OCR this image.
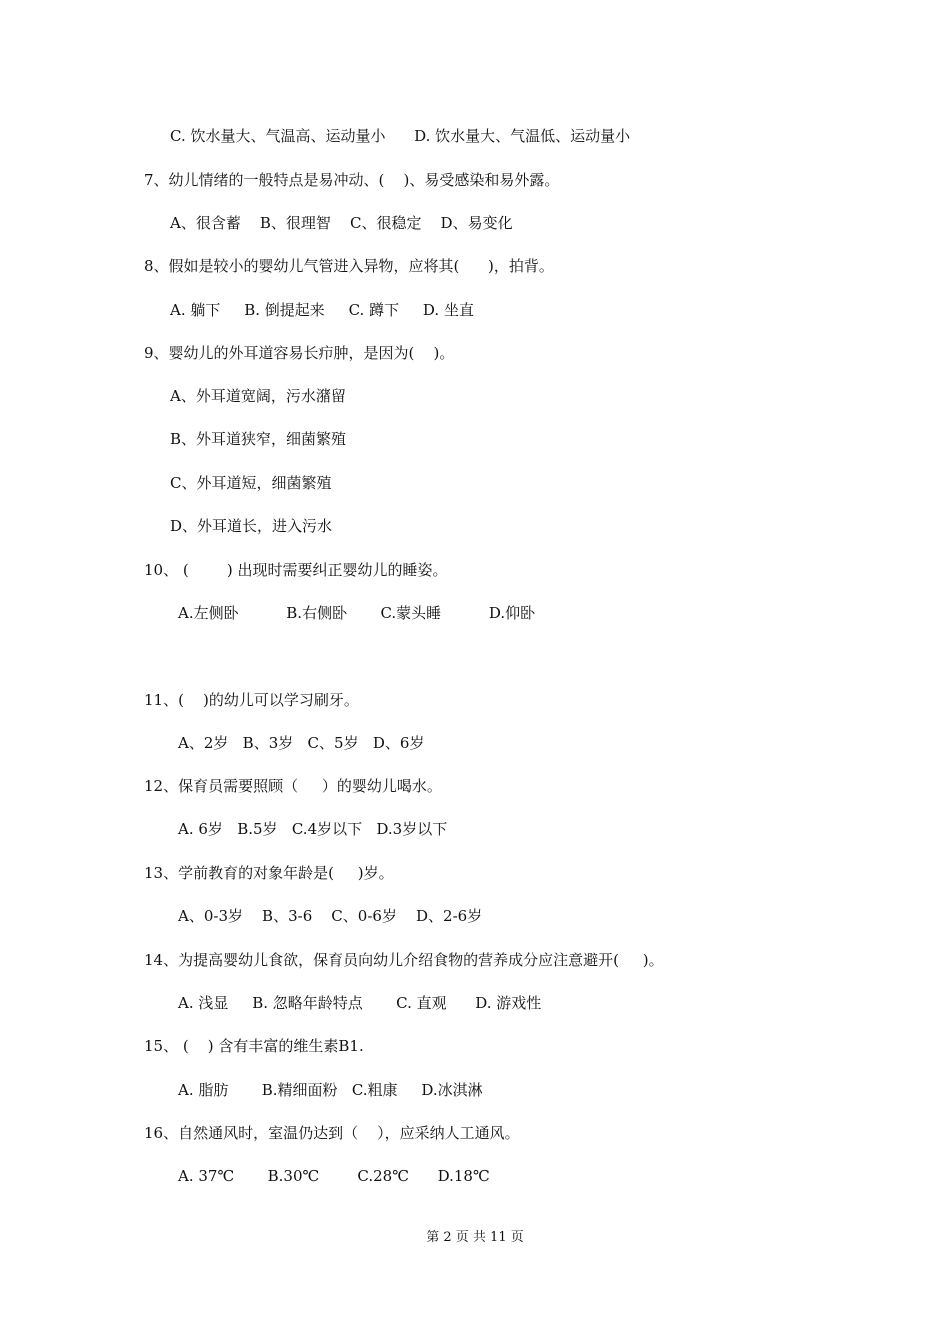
C. 饮水量大、气温高、运动量小      D. 饮水量大、气温低、运动量小
7、幼儿情绪的一般特点是易冲动、(    )、易受感染和易外露。
A、很含蓄    B、很理智    C、很稳定    D、易变化
8、假如是较小的婴幼儿气管进入异物，应将其(      )，拍背。
A. 躺下     B. 倒提起来     C. 蹲下     D. 坐直
9、婴幼儿的外耳道容易长疖肿，是因为(    )。
A、外耳道宽阔，污水潴留
B、外耳道狭窄，细菌繁殖
C、外耳道短，细菌繁殖
D、外耳道长，进入污水
10、 (        ) 出现时需要纠正婴幼儿的睡姿。
A.左侧卧          B.右侧卧       C.蒙头睡          D.仰卧
11、(    )的幼儿可以学习刷牙。
A、2岁   B、3岁   C、5岁   D、6岁
12、保育员需要照顾（     ）的婴幼儿喝水。
A. 6岁   B.5岁   C.4岁以下   D.3岁以下
13、学前教育的对象年龄是(     )岁。
A、0-3岁    B、3-6    C、0-6岁    D、2-6岁
14、为提高婴幼儿食欲，保育员向幼儿介绍食物的营养成分应注意避开(     )。
A. 浅显     B. 忽略年龄特点       C. 直观      D. 游戏性
15、 (    ) 含有丰富的维生素B1.
A. 脂肪       B.精细面粉   C.粗康     D.冰淇淋
16、自然通风时，室温仍达到（    ），应采纳人工通风。
A. 37℃       B.30℃        C.28℃      D.18℃
第 2 页 共 11 页
